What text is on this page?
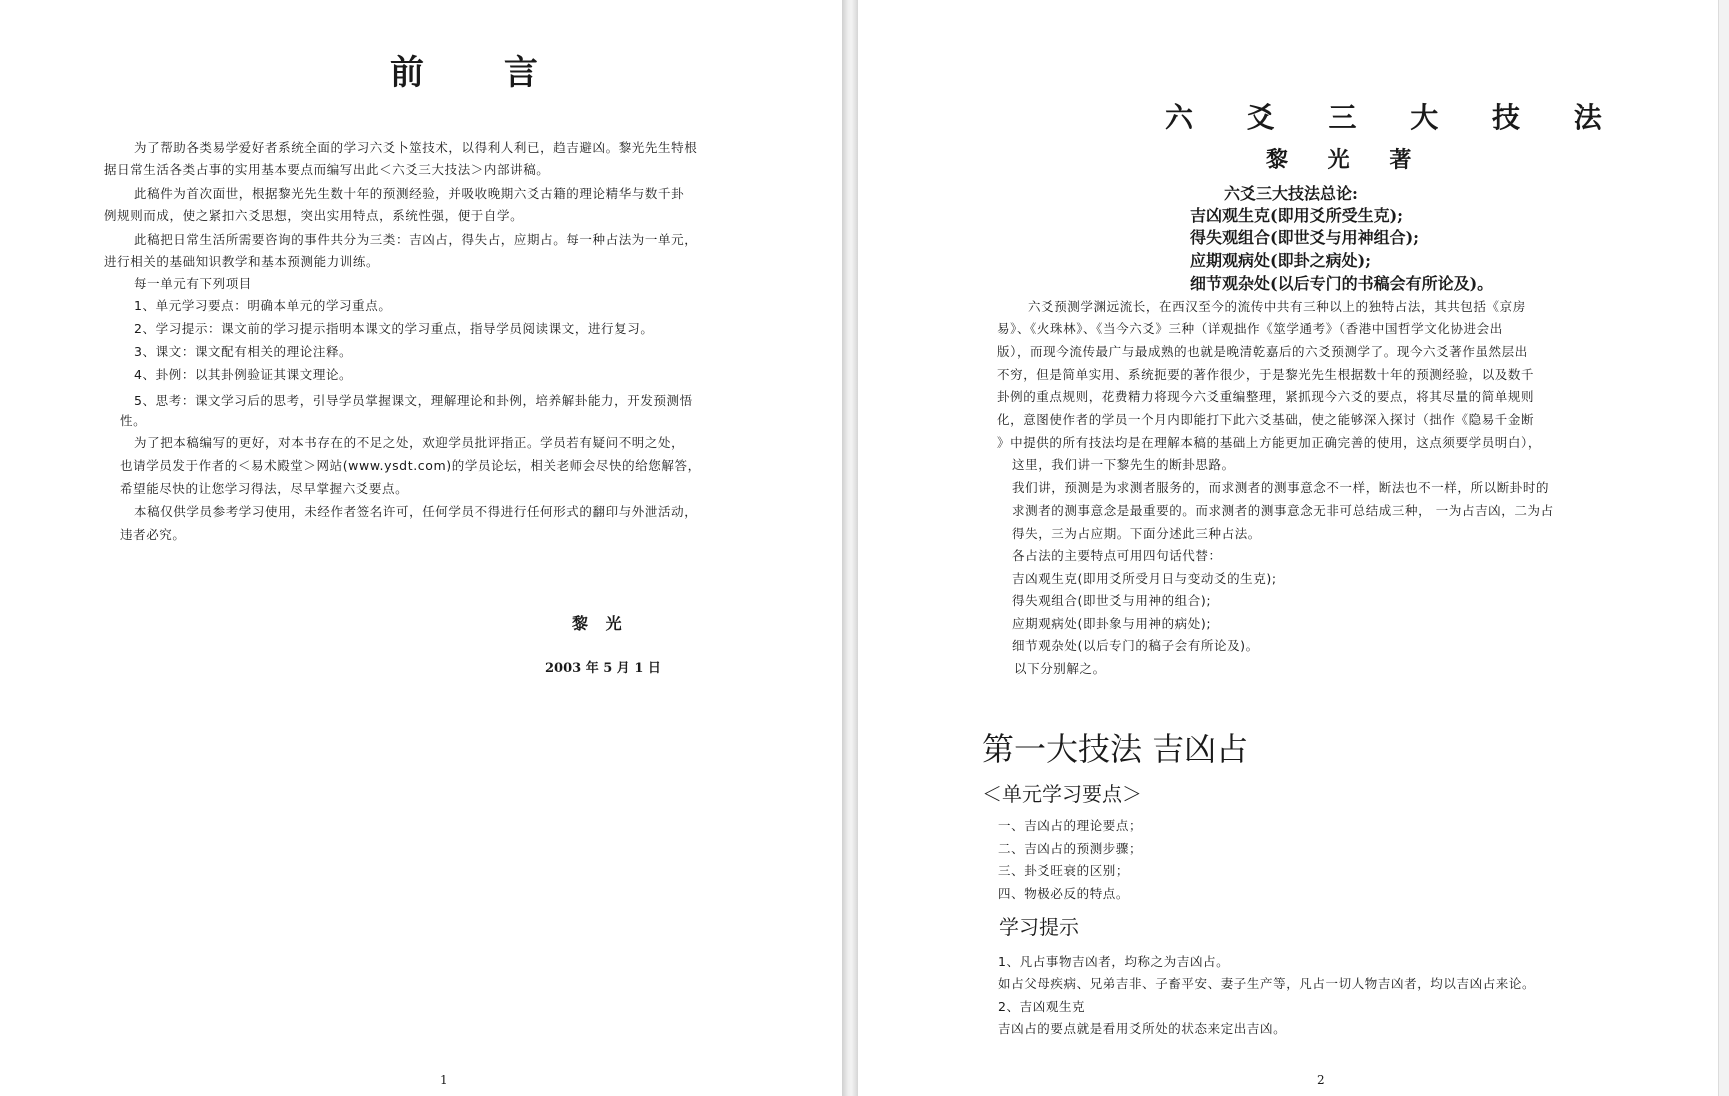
前 言
为了帮助各类易学爱好者系统全面的学习六爻卜筮技术，以得利人利已，趋吉避凶。黎光先生特根
据日常生活各类占事的实用基本要点而编写出此＜六爻三大技法＞内部讲稿。
此稿件为首次面世，根据黎光先生数十年的预测经验，并吸收晚期六爻古籍的理论精华与数千卦
例规则而成，使之紧扣六爻思想，突出实用特点，系统性强，便于自学。
此稿把日常生活所需要咨询的事件共分为三类：吉凶占，得失占，应期占。每一种占法为一单元，
进行相关的基础知识教学和基本预测能力训练。
每一单元有下列项目
1、单元学习要点：明确本单元的学习重点。
2、学习提示：课文前的学习提示指明本课文的学习重点，指导学员阅读课文，进行复习。
3、课文：课文配有相关的理论注释。
4、卦例：以其卦例验证其课文理论。
5、思考：课文学习后的思考，引导学员掌握课文，理解理论和卦例，培养解卦能力，开发预测悟
性。
为了把本稿编写的更好，对本书存在的不足之处，欢迎学员批评指正。学员若有疑问不明之处，
也请学员发于作者的＜易术殿堂＞网站(www.ysdt.com)的学员论坛，相关老师会尽快的给您解答，
希望能尽快的让您学习得法，尽早掌握六爻要点。
本稿仅供学员参考学习使用，未经作者签名许可，任何学员不得进行任何形式的翻印与外泄活动，
违者必究。
黎 光
2003 年 5 月 1 日
1
六 爻 三 大 技 法
黎 光 著
六爻三大技法总论:
吉凶观生克(即用爻所受生克);
得失观组合(即世爻与用神组合);
应期观病处(即卦之病处);
细节观杂处(以后专门的书稿会有所论及)。
六爻预测学渊远流长，在西汉至今的流传中共有三种以上的独特占法，其共包括《京房
易》、《火珠林》、《当今六爻》三种（详观拙作《筮学通考》（香港中国哲学文化协进会出
版），而现今流传最广与最成熟的也就是晚清乾嘉后的六爻预测学了。现今六爻著作虽然层出
不穷，但是简单实用、系统扼要的著作很少，于是黎光先生根据数十年的预测经验，以及数千
卦例的重点规则，花费精力将现今六爻重编整理，紧抓现今六爻的要点，将其尽量的简单规则
化，意图使作者的学员一个月内即能打下此六爻基础，使之能够深入探讨（拙作《隐易千金断
》中提供的所有技法均是在理解本稿的基础上方能更加正确完善的使用，这点须要学员明白），
这里，我们讲一下黎先生的断卦思路。
我们讲，预测是为求测者服务的，而求测者的测事意念不一样，断法也不一样，所以断卦时的
求测者的测事意念是最重要的。而求测者的测事意念无非可总结成三种， 一为占吉凶，二为占
得失，三为占应期。下面分述此三种占法。
各占法的主要特点可用四句话代替：
吉凶观生克(即用爻所受月日与变动爻的生克);
得失观组合(即世爻与用神的组合);
应期观病处(即卦象与用神的病处);
细节观杂处(以后专门的稿子会有所论及)。
以下分别解之。
第一大技法 吉凶占
＜单元学习要点＞
一、吉凶占的理论要点；
二、吉凶占的预测步骤；
三、卦爻旺衰的区别；
四、物极必反的特点。
学习提示
1、凡占事物吉凶者，均称之为吉凶占。
如占父母疾病、兄弟吉非、子畜平安、妻子生产等，凡占一切人物吉凶者，均以吉凶占来论。
2、吉凶观生克
吉凶占的要点就是看用爻所处的状态来定出吉凶。
2
